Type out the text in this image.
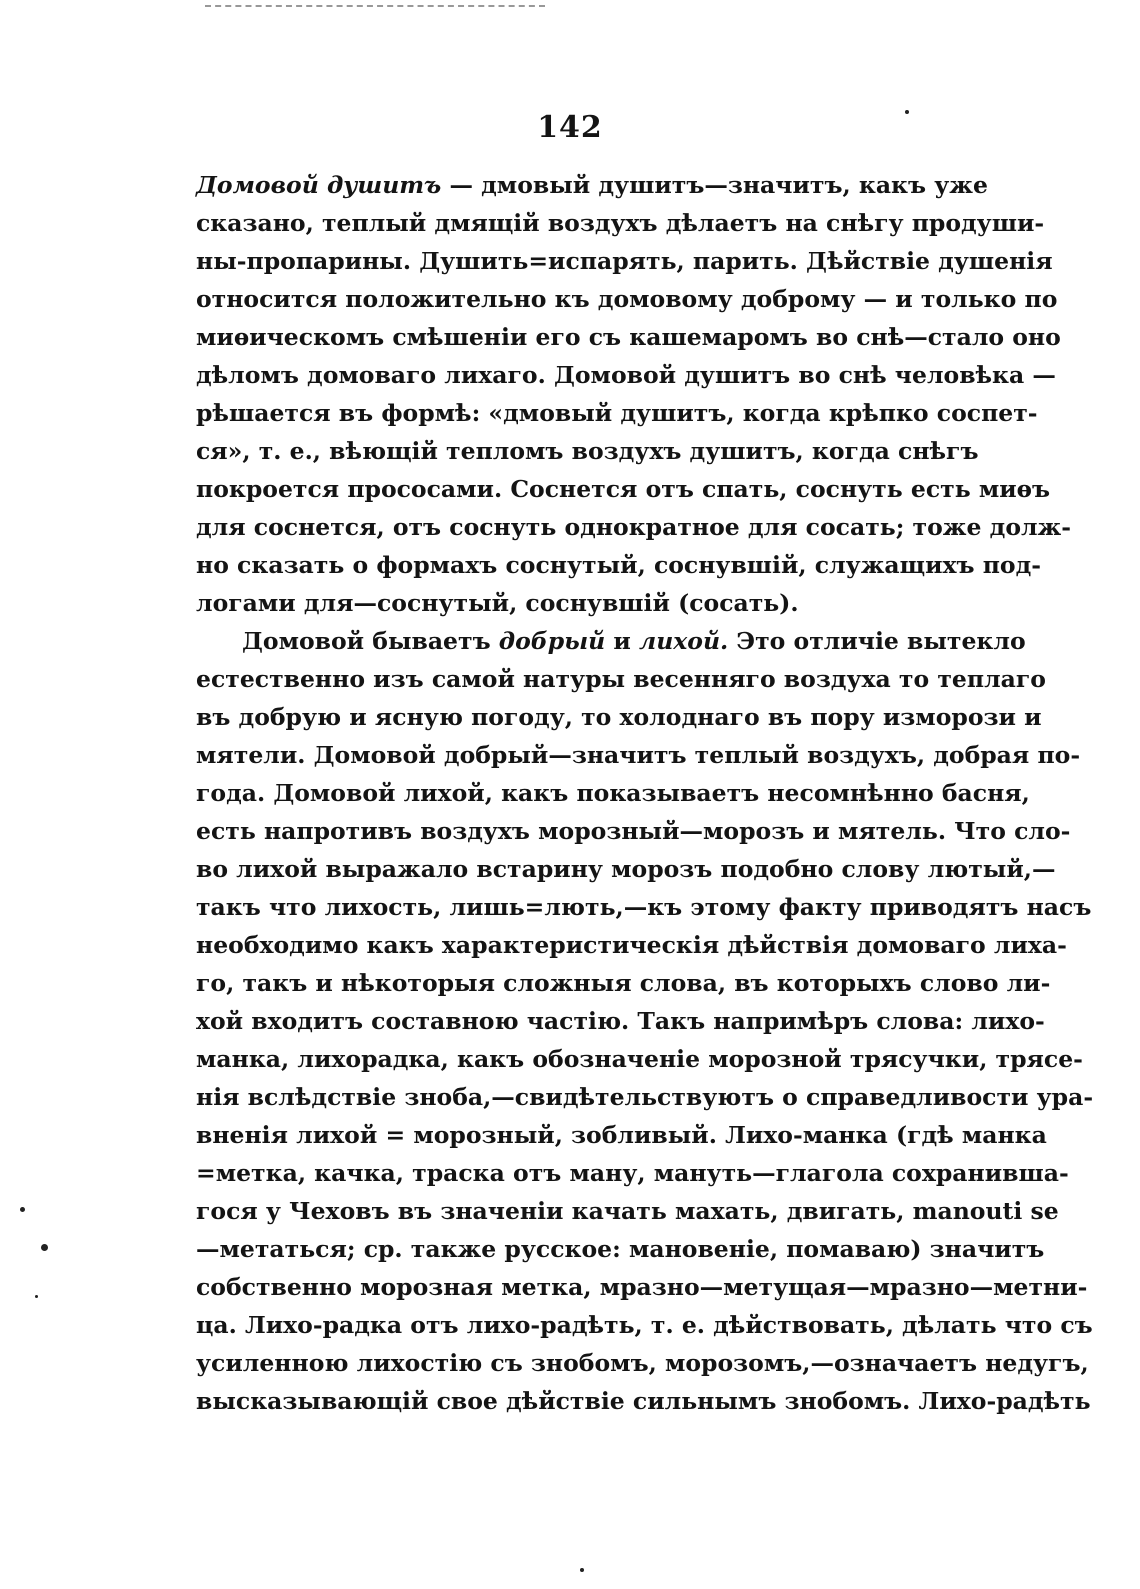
142
Домовой душитъ — дмовый душитъ—значитъ, какъ уже
сказано, теплый дмящій воздухъ дѣлаетъ на снѣгу продуши-
ны-пропарины. Душить=испарять, парить. Дѣйствіе душенія
относится положительно къ домовому доброму — и только по
миѳическомъ смѣшеніи его съ кашемаромъ во снѣ—стало оно
дѣломъ домоваго лихаго. Домовой душитъ во снѣ человѣка —
рѣшается въ формѣ: «дмовый душитъ, когда крѣпко соспет-
ся», т. е., вѣющій тепломъ воздухъ душитъ, когда снѣгъ
покроется прососами. Соснется отъ спать, соснуть есть миѳъ
для соснется, отъ соснуть однократное для сосать; тоже долж-
но сказать о формахъ соснутый, соснувшій, служащихъ под-
логами для—соснутый, соснувшій (сосать).
Домовой бываетъ добрый и лихой. Это отличіе вытекло
естественно изъ самой натуры весенняго воздуха то теплаго
въ добрую и ясную погоду, то холоднаго въ пору изморози и
мятели. Домовой добрый—значитъ теплый воздухъ, добрая по-
года. Домовой лихой, какъ показываетъ несомнѣнно басня,
есть напротивъ воздухъ морозный—морозъ и мятель. Что сло-
во лихой выражало встарину морозъ подобно слову лютый,—
такъ что лихость, лишь=лють,—къ этому факту приводятъ насъ
необходимо какъ характеристическія дѣйствія домоваго лиха-
го, такъ и нѣкоторыя сложныя слова, въ которыхъ слово ли-
хой входитъ составною частію. Такъ напримѣръ слова: лихо-
манка, лихорадка, какъ обозначеніе морозной трясучки, трясе-
нія вслѣдствіе зноба,—свидѣтельствуютъ о справедливости ура-
вненія лихой = морозный, зобливый. Лихо-манка (гдѣ манка
=метка, качка, траска отъ ману, мануть—глагола сохранивша-
гося у Чеховъ въ значеніи качать махать, двигать, manouti se
—метаться; ср. также русское: мановеніе, помаваю) значитъ
собственно морозная метка, мразно—метущая—мразно—метни-
ца. Лихо-радка отъ лихо-радѣть, т. е. дѣйствовать, дѣлать что съ
усиленною лихостію съ знобомъ, морозомъ,—означаетъ недугъ,
высказывающій свое дѣйствіе сильнымъ знобомъ. Лихо-радѣть
